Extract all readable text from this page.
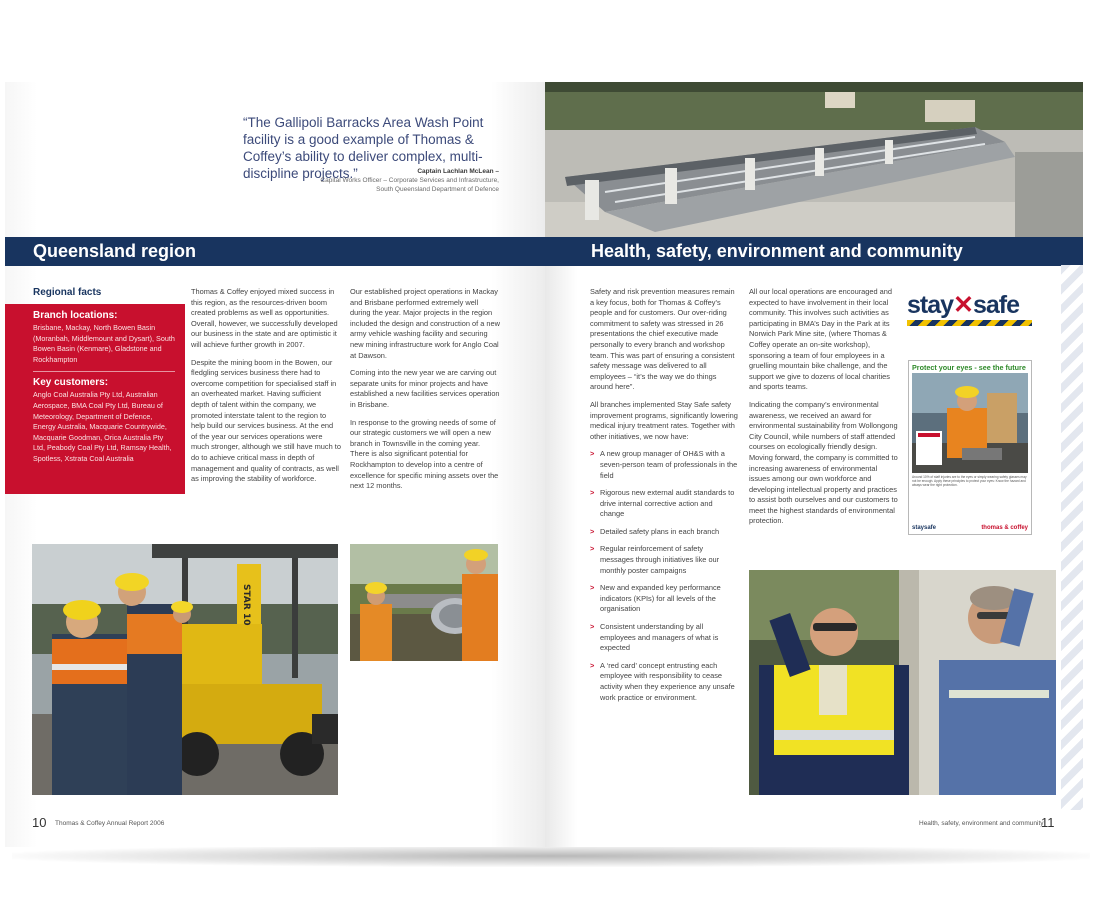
“The Gallipoli Barracks Area Wash Point facility is a good example of Thomas & Coffey’s ability to deliver complex, multi-discipline projects.”	Captain Lachlan McLean –
Capital Works Officer – Corporate Services and Infrastructure,
South Queensland Department of Defence
Queensland region
Regional facts
Branch locations:

Brisbane, Mackay, North Bowen Basin (Moranbah, Middlemount and Dysart), South Bowen Basin (Kenmare), Gladstone and Rockhampton

Key customers:

Anglo Coal Australia Pty Ltd, Australian Aerospace, BMA Coal Pty Ltd, Bureau of Meteorology, Department of Defence, Energy Australia, Macquarie Countrywide, Macquarie Goodman, Orica Australia Pty Ltd, Peabody Coal Pty Ltd, Ramsay Health, Spotless, Xstrata Coal Australia

Thomas & Coffey enjoyed mixed success in this region, as the resources-driven boom created problems as well as opportunities. Overall, however, we successfully developed our business in the state and are optimistic it will achieve further growth in 2007.

Despite the mining boom in the Bowen, our fledgling services business there had to overcome competition for specialised staff in an overheated market. Having sufficient depth of talent within the company, we promoted interstate talent to the region to help build our services business. At the end of the year our services operations were much stronger, although we still have much to do to achieve critical mass in depth of management and quality of contracts, as well as improving the stability of workforce.

Our established project operations in Mackay and Brisbane performed extremely well during the year. Major projects in the region included the design and construction of a new army vehicle washing facility and securing new mining infrastructure work for Anglo Coal at Dawson.

Coming into the new year we are carving out separate units for minor projects and have established a new facilities services operation in Brisbane.

In response to the growing needs of some of our strategic customers we will open a new branch in Townsville in the coming year. There is also significant potential for Rockhampton to develop into a centre of excellence for specific mining assets over the next 12 months.

STAR 10
10 Thomas & Coffey Annual Report 2006
Health, safety, environment and community

Safety and risk prevention measures remain a key focus, both for Thomas & Coffey’s people and for customers. Our over-riding commitment to safety was stressed in 26 presentations the chief executive made personally to every branch and workshop team. This was part of ensuring a consistent safety message was delivered to all employees – “it’s the way we do things around here”.

All branches implemented Stay Safe safety improvement programs, significantly lowering medical injury treatment rates. Together with other initiatives, we now have:

> A new group manager of OH&S with a seven-person team of professionals in the field
> Rigorous new external audit standards to drive internal corrective action and change
> Detailed safety plans in each branch
> Regular reinforcement of safety messages through initiatives like our monthly poster campaigns
> New and expanded key performance indicators (KPIs) for all levels of the organisation
> Consistent understanding by all employees and managers of what is expected
> A ‘red card’ concept entrusting each employee with responsibility to cease activity when they experience any unsafe work practice or environment.

All our local operations are encouraged and expected to have involvement in their local community. This involves such activities as participating in BMA’s Day in the Park at its Norwich Park Mine site, (where Thomas & Coffey operate an on-site workshop), sponsoring a team of four employees in a gruelling mountain bike challenge, and the support we give to dozens of local charities and sports teams.

Indicating the company’s environmental awareness, we received an award for environmental sustainability from Wollongong City Council, while numbers of staff attended courses on ecologically friendly design. Moving forward, the company is committed to increasing awareness of environmental issues among our own workforce and developing intellectual property and practices to assist both ourselves and our customers to meet the highest standards of environmental protection.

stay✕safe
Protect your eyes - see the future
Around 10% of staff injuries are to the eyes or simply wearing safety glasses may not be enough. Apply these principles to protect your eyes: Know the hazard and always wear the right protection.
staysafe	thomas & coffey
Health, safety, environment and community
11
